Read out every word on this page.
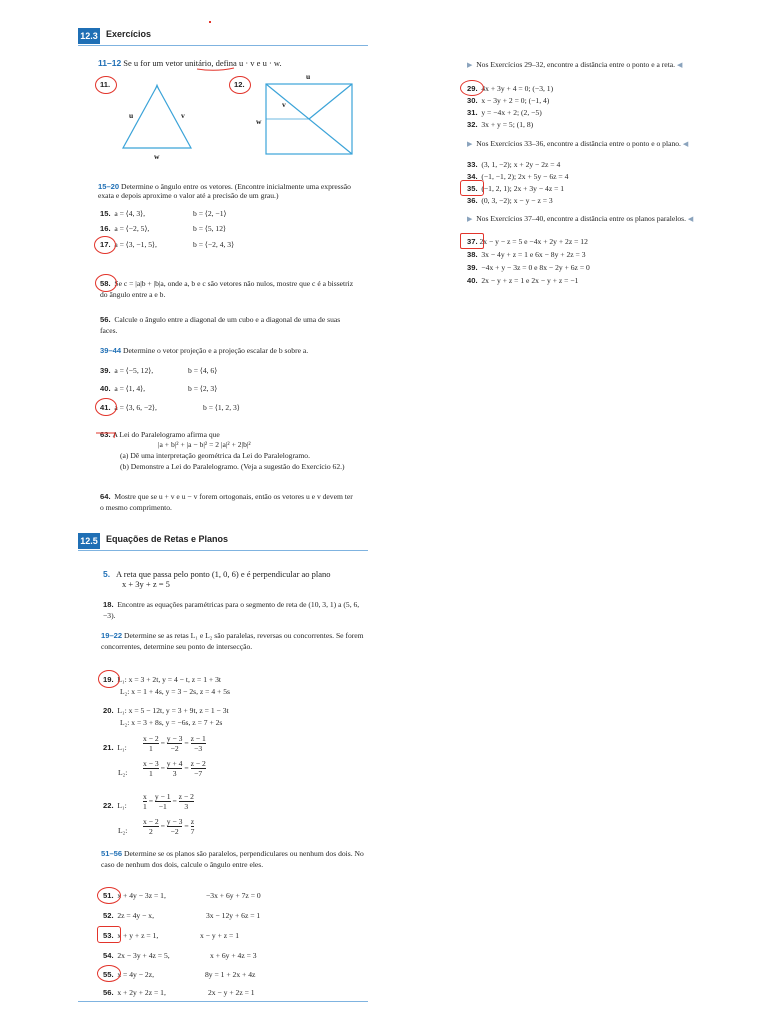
12.3 Exercícios
11–12 Se u for um vetor unitário, defina u · v e u · w.
11.	12.
u	v
w
u
v
w
15–20 Determine o ângulo entre os vetores. (Encontre inicialmente uma expressão exata e depois aproxime o valor até a precisão de um grau.)
15. a = ⟨4, 3⟩,	b = ⟨2, −1⟩
16. a = ⟨−2, 5⟩,	b = ⟨5, 12⟩
17. a = ⟨3, −1, 5⟩,	b = ⟨−2, 4, 3⟩
58. Se c = |a|b + |b|a, onde a, b e c são vetores não nulos, mostre que c é a bissetriz do ângulo entre a e b.
56. Calcule o ângulo entre a diagonal de um cubo e a diagonal de uma de suas faces.
39–44 Determine o vetor projeção e a projeção escalar de b sobre a.
39. a = ⟨−5, 12⟩,	b = ⟨4, 6⟩
40. a = ⟨1, 4⟩,	b = ⟨2, 3⟩
41. a = ⟨3, 6, −2⟩,	b = ⟨1, 2, 3⟩
63. A Lei do Paralelogramo afirma que
|a + b|² + |a − b|² = 2 |a|² + 2|b|²
(a) Dê uma interpretação geométrica da Lei do Paralelogramo.
(b) Demonstre a Lei do Paralelogramo. (Veja a sugestão do Exercício 62.)
64. Mostre que se u + v e u − v forem ortogonais, então os vetores u e v devem ter o mesmo comprimento.
▶ Nos Exercícios 29–32, encontre a distância entre o ponto e a reta. ◀
29. 4x + 3y + 4 = 0; (−3, 1)
30. x − 3y + 2 = 0; (−1, 4)
31. y = −4x + 2; (2, −5)
32. 3x + y = 5; (1, 8)
▶ Nos Exercícios 33–36, encontre a distância entre o ponto e o plano. ◀
33. (3, 1, −2); x + 2y − 2z = 4
34. (−1, −1, 2); 2x + 5y − 6z = 4
35. (−1, 2, 1); 2x + 3y − 4z = 1
36. (0, 3, −2); x − y − z = 3
▶ Nos Exercícios 37–40, encontre a distância entre os planos paralelos. ◀
37. 2x − y − z = 5 e −4x + 2y + 2z = 12
38. 3x − 4y + z = 1 e 6x − 8y + 2z = 3
39. −4x + y − 3z = 0 e 8x − 2y + 6z = 0
40. 2x − y + z = 1 e 2x − y + z = −1
12.5 Equações de Retas e Planos
5. A reta que passa pelo ponto (1, 0, 6) e é perpendicular ao plano
x + 3y + z = 5
18. Encontre as equações paramétricas para o segmento de reta de (10, 3, 1) a (5, 6, −3).
19–22 Determine se as retas L₁ e L₂ são paralelas, reversas ou concorrentes. Se forem concorrentes, determine seu ponto de intersecção.
19. L₁: x = 3 + 2t, y = 4 − t, z = 1 + 3t
L₂: x = 1 + 4s, y = 3 − 2s, z = 4 + 5s
20. L₁: x = 5 − 12t, y = 3 + 9t, z = 1 − 3t
L₂: x = 3 + 8s, y = −6s, z = 7 + 2s
21. L₁: $\frac{x - 2}{1} = \frac{y - 3}{-2} = \frac{z - 1}{-3}$
L₂: $\frac{x - 3}{1} = \frac{y + 4}{3} = \frac{z - 2}{-7}$
22. L₁: $\frac{x}{1} = \frac{y - 1}{-1} = \frac{z - 2}{3}$
L₂: $\frac{x - 2}{2} = \frac{y - 3}{-2} = \frac{z}{7}$
51–56 Determine se os planos são paralelos, perpendiculares ou nenhum dos dois. No caso de nenhum dos dois, calcule o ângulo entre eles.
51. x + 4y − 3z = 1,	−3x + 6y + 7z = 0
52. 2z = 4y − x,	3x − 12y + 6z = 1
53. x + y + z = 1,	x − y + z = 1
54. 2x − 3y + 4z = 5,	x + 6y + 4z = 3
55. x = 4y − 2z,	8y = 1 + 2x + 4z
56. x + 2y + 2z = 1,	2x − y + 2z = 1
